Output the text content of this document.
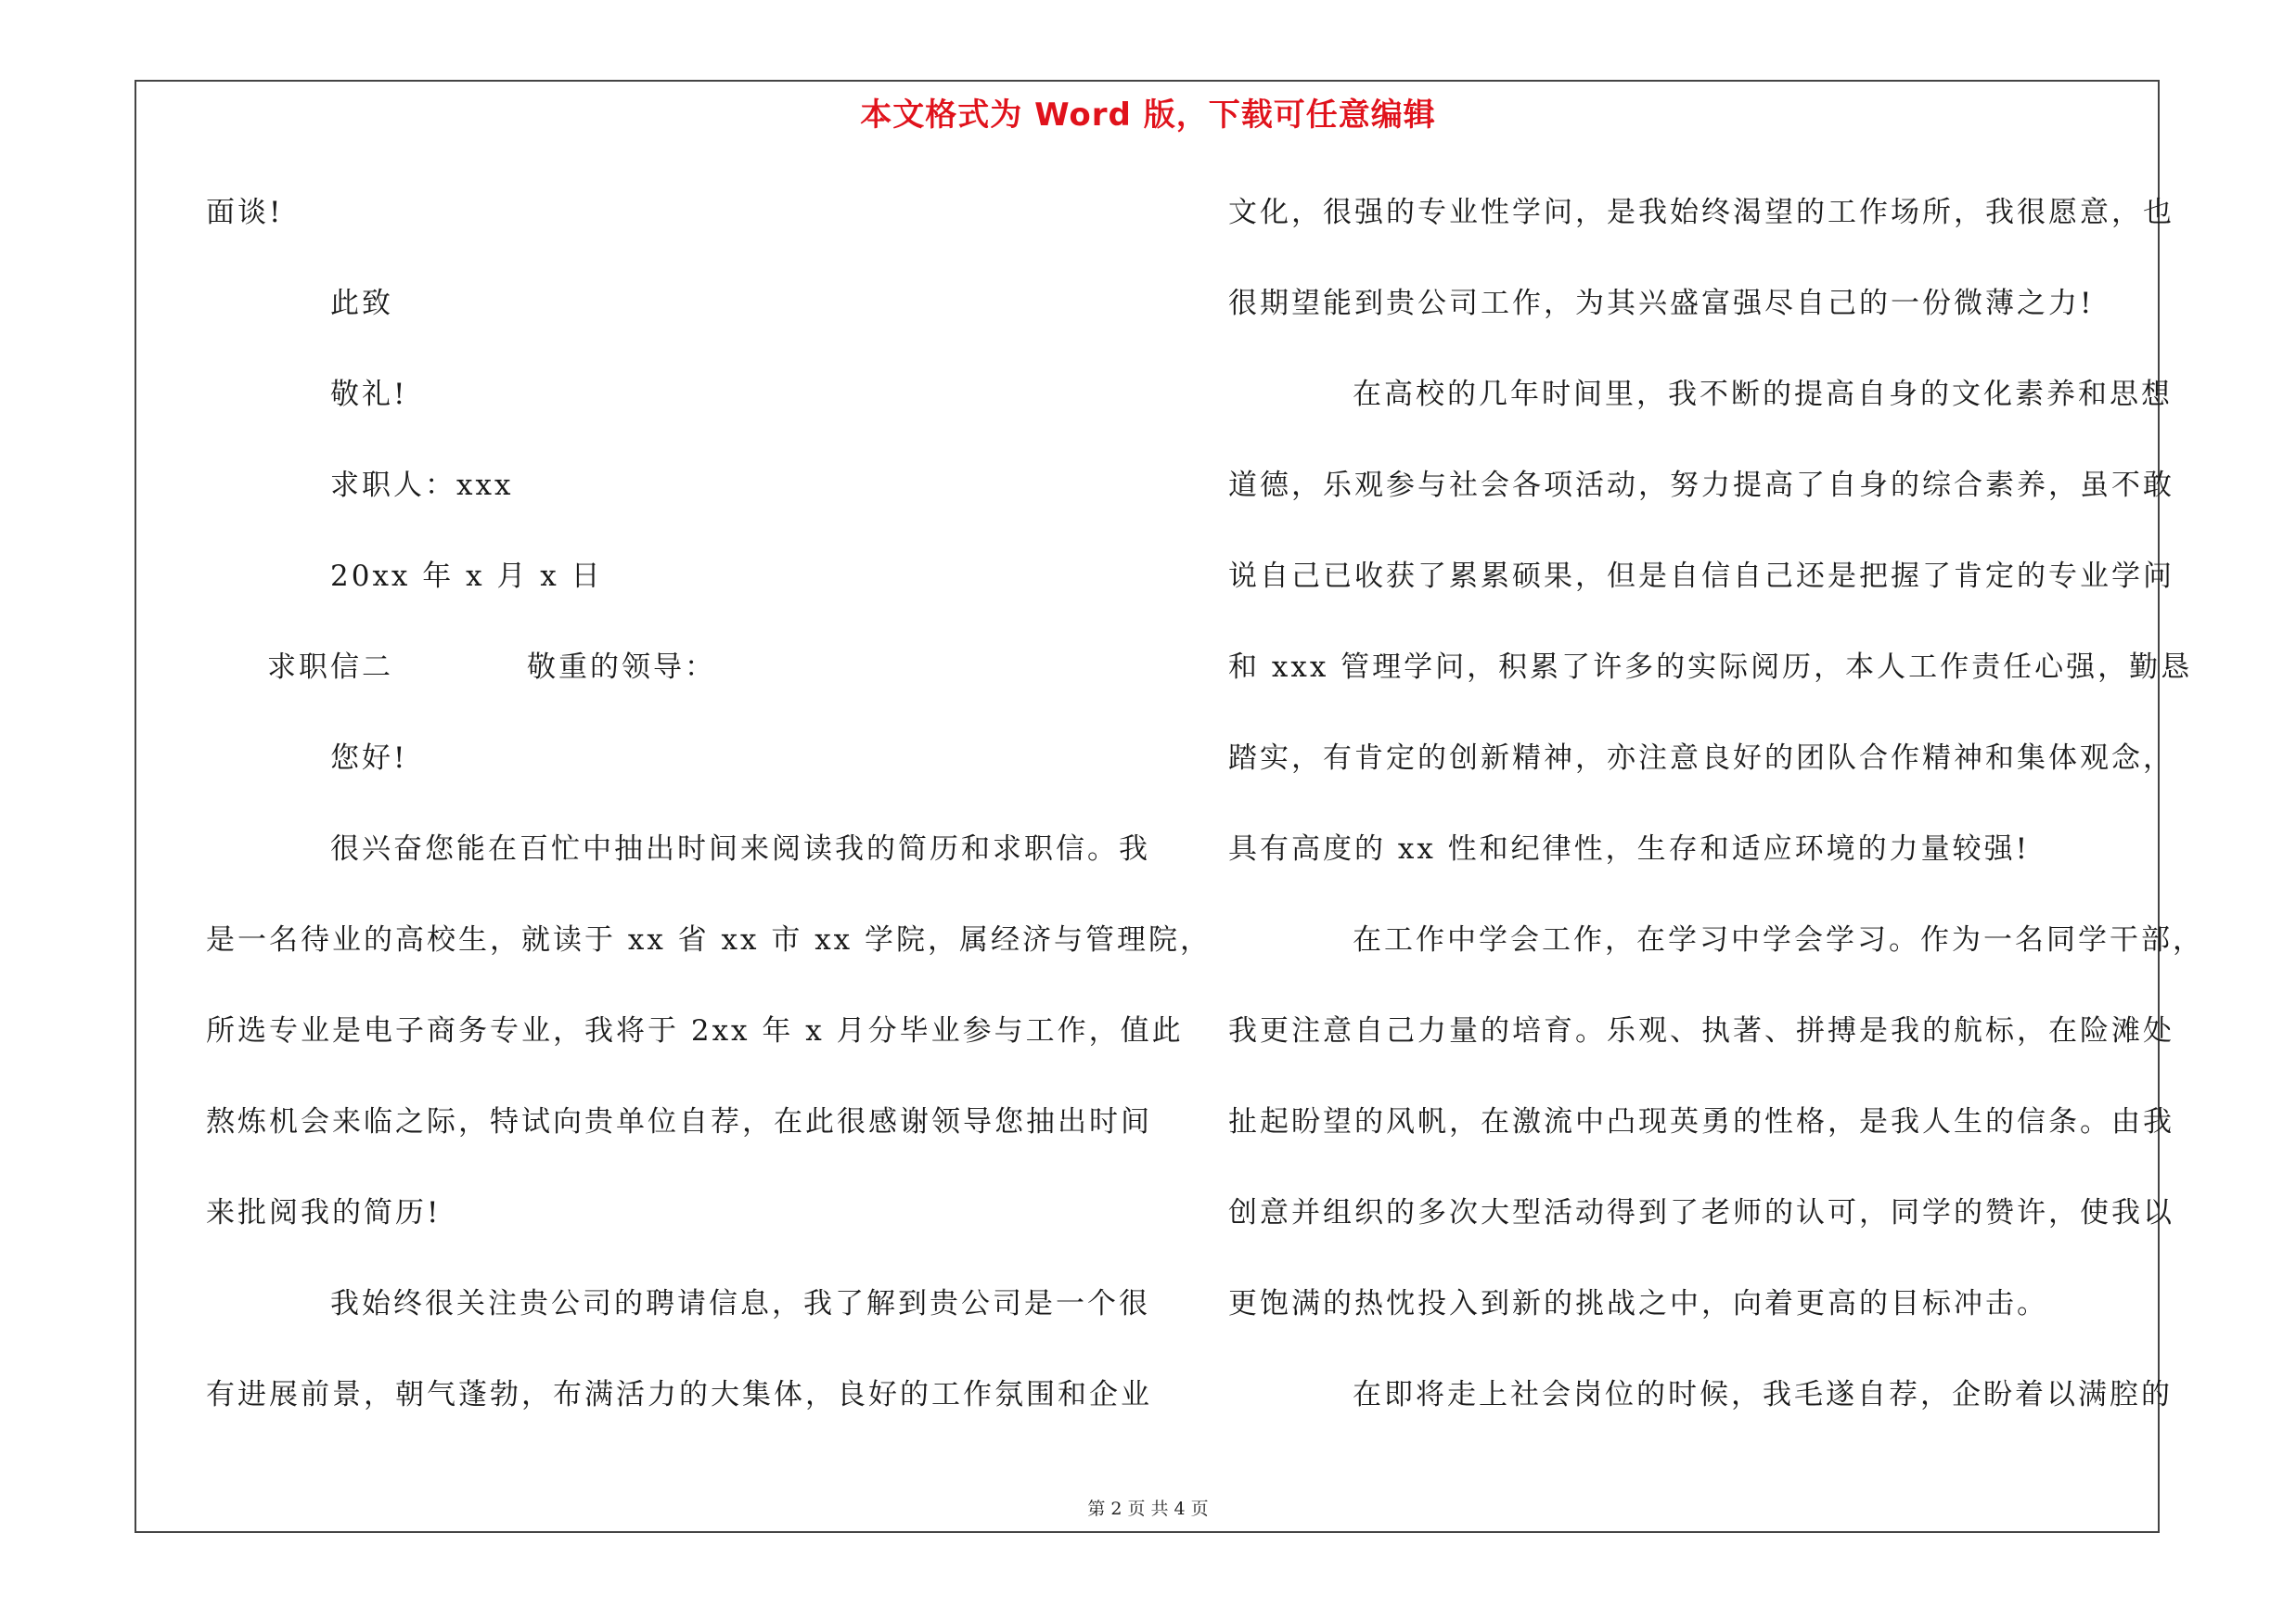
本文格式为 Word 版，下载可任意编辑
面谈!
此致
敬礼!
求职人：xxx
20xx 年 x 月 x 日
求职信二	敬重的领导：
您好!
很兴奋您能在百忙中抽出时间来阅读我的简历和求职信。我
是一名待业的高校生，就读于 xx 省 xx 市 xx 学院，属经济与管理院，
所选专业是电子商务专业，我将于 2xx 年 x 月分毕业参与工作，值此
熬炼机会来临之际，特试向贵单位自荐，在此很感谢领导您抽出时间
来批阅我的简历!
我始终很关注贵公司的聘请信息，我了解到贵公司是一个很
有进展前景，朝气蓬勃，布满活力的大集体，良好的工作氛围和企业
文化，很强的专业性学问，是我始终渴望的工作场所，我很愿意，也
很期望能到贵公司工作，为其兴盛富强尽自己的一份微薄之力!
在高校的几年时间里，我不断的提高自身的文化素养和思想
道德，乐观参与社会各项活动，努力提高了自身的综合素养，虽不敢
说自己已收获了累累硕果，但是自信自己还是把握了肯定的专业学问
和 xxx 管理学问，积累了许多的实际阅历，本人工作责任心强，勤恳
踏实，有肯定的创新精神，亦注意良好的团队合作精神和集体观念，
具有高度的 xx 性和纪律性，生存和适应环境的力量较强!
在工作中学会工作，在学习中学会学习。作为一名同学干部，
我更注意自己力量的培育。乐观、执著、拼搏是我的航标，在险滩处
扯起盼望的风帆，在激流中凸现英勇的性格，是我人生的信条。由我
创意并组织的多次大型活动得到了老师的认可，同学的赞许，使我以
更饱满的热忱投入到新的挑战之中，向着更高的目标冲击。
在即将走上社会岗位的时候，我毛遂自荐，企盼着以满腔的
第 2 页 共 4 页
